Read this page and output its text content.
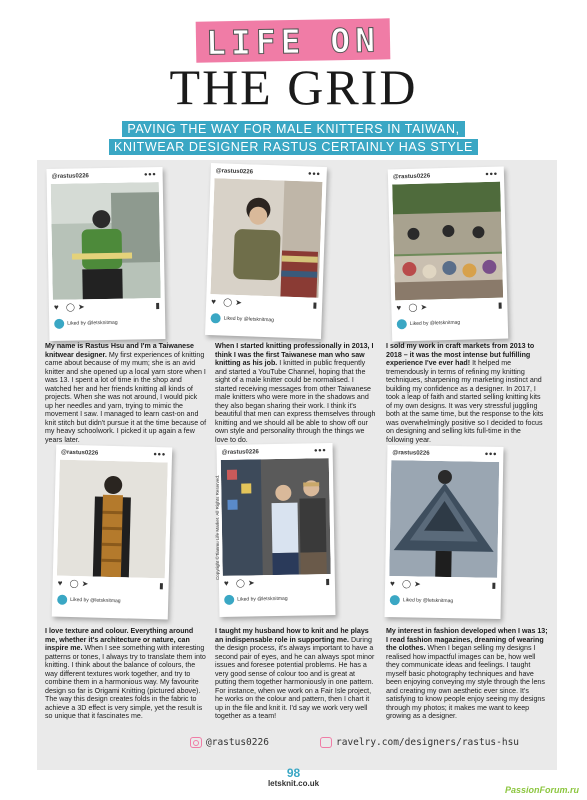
LIFE ON
THE GRID
PAVING THE WAY FOR MALE KNITTERS IN TAIWAN,
KNITWEAR DESIGNER RASTUS CERTAINLY HAS STYLE
@rastus0226	•••
♥ ◯ ➤	▮
Liked by @letsknitmag
@rastus0226	•••
♥ ◯ ➤	▮
Liked by @letsknitmag
@rastus0226	•••
♥ ◯ ➤	▮
Liked by @letsknitmag
My name is Rastus Hsu and I'm a Taiwanese knitwear designer. My first experiences of knitting came about because of my mum; she is an avid knitter and she opened up a local yarn store when I was 13. I spent a lot of time in the shop and watched her and her friends knitting all kinds of projects. When she was not around, I would pick up her needles and yarn, trying to mimic the movement I saw. I managed to learn cast-on and knit stitch but didn't pursue it at the time because of my heavy schoolwork. I picked it up again a few years later.
When I started knitting professionally in 2013, I think I was the first Taiwanese man who saw knitting as his job. I knitted in public frequently and started a YouTube Channel, hoping that the sight of a male knitter could be normalised. I started receiving messages from other Taiwanese male knitters who were more in the shadows and they also began sharing their work. I think it's beautiful that men can express themselves through knitting and we should all be able to show off our own style and personality through the things we love to do.
I sold my work in craft markets from 2013 to 2018 – it was the most intense but fulfilling experience I've ever had! It helped me tremendously in terms of refining my knitting techniques, sharpening my marketing instinct and building my confidence as a designer. In 2017, I took a leap of faith and started selling knitting kits of my own designs. It was very stressful juggling both at the same time, but the response to the kits was overwhelmingly positive so I decided to focus on designing and selling kits full-time in the following year.
@rastus0226	•••
♥ ◯ ➤	▮
Liked by @letsknitmag
@rastus0226	•••
♥ ◯ ➤	▮
Liked by @letsknitmag
Copyright ©Tianmu Life Market. All Rights Reserved.
@rastus0226	•••
♥ ◯ ➤	▮
Liked by @letsknitmag
I love texture and colour. Everything around me, whether it's architecture or nature, can inspire me. When I see something with interesting patterns or tones, I always try to translate them into knitting. I think about the balance of colours, the way different textures work together, and try to combine them in a harmonious way. My favourite design so far is Origami Knitting (pictured above). The way this design creates folds in the fabric to achieve a 3D effect is very simple, yet the result is so unique that it fascinates me.
I taught my husband how to knit and he plays an indispensable role in supporting me. During the design process, it's always important to have a second pair of eyes, and he can always spot minor issues and foresee potential problems. He has a very good sense of colour too and is great at putting them together harmoniously in one pattern. For instance, when we work on a Fair Isle project, he works on the colour and pattern, then I chart it up in the file and knit it. I'd say we work very well together as a team!
My interest in fashion developed when I was 13; I read fashion magazines, dreaming of wearing the clothes. When I began selling my designs I realised how impactful images can be, how well they communicate ideas and feelings. I taught myself basic photography techniques and have been enjoying conveying my style through the lens and creating my own aesthetic ever since. It's satisfying to know people enjoy seeing my designs through my photos; it makes me want to keep growing as a designer.
@rastus0226	ravelry.com/designers/rastus-hsu
98
letsknit.co.uk
PassionForum.ru
